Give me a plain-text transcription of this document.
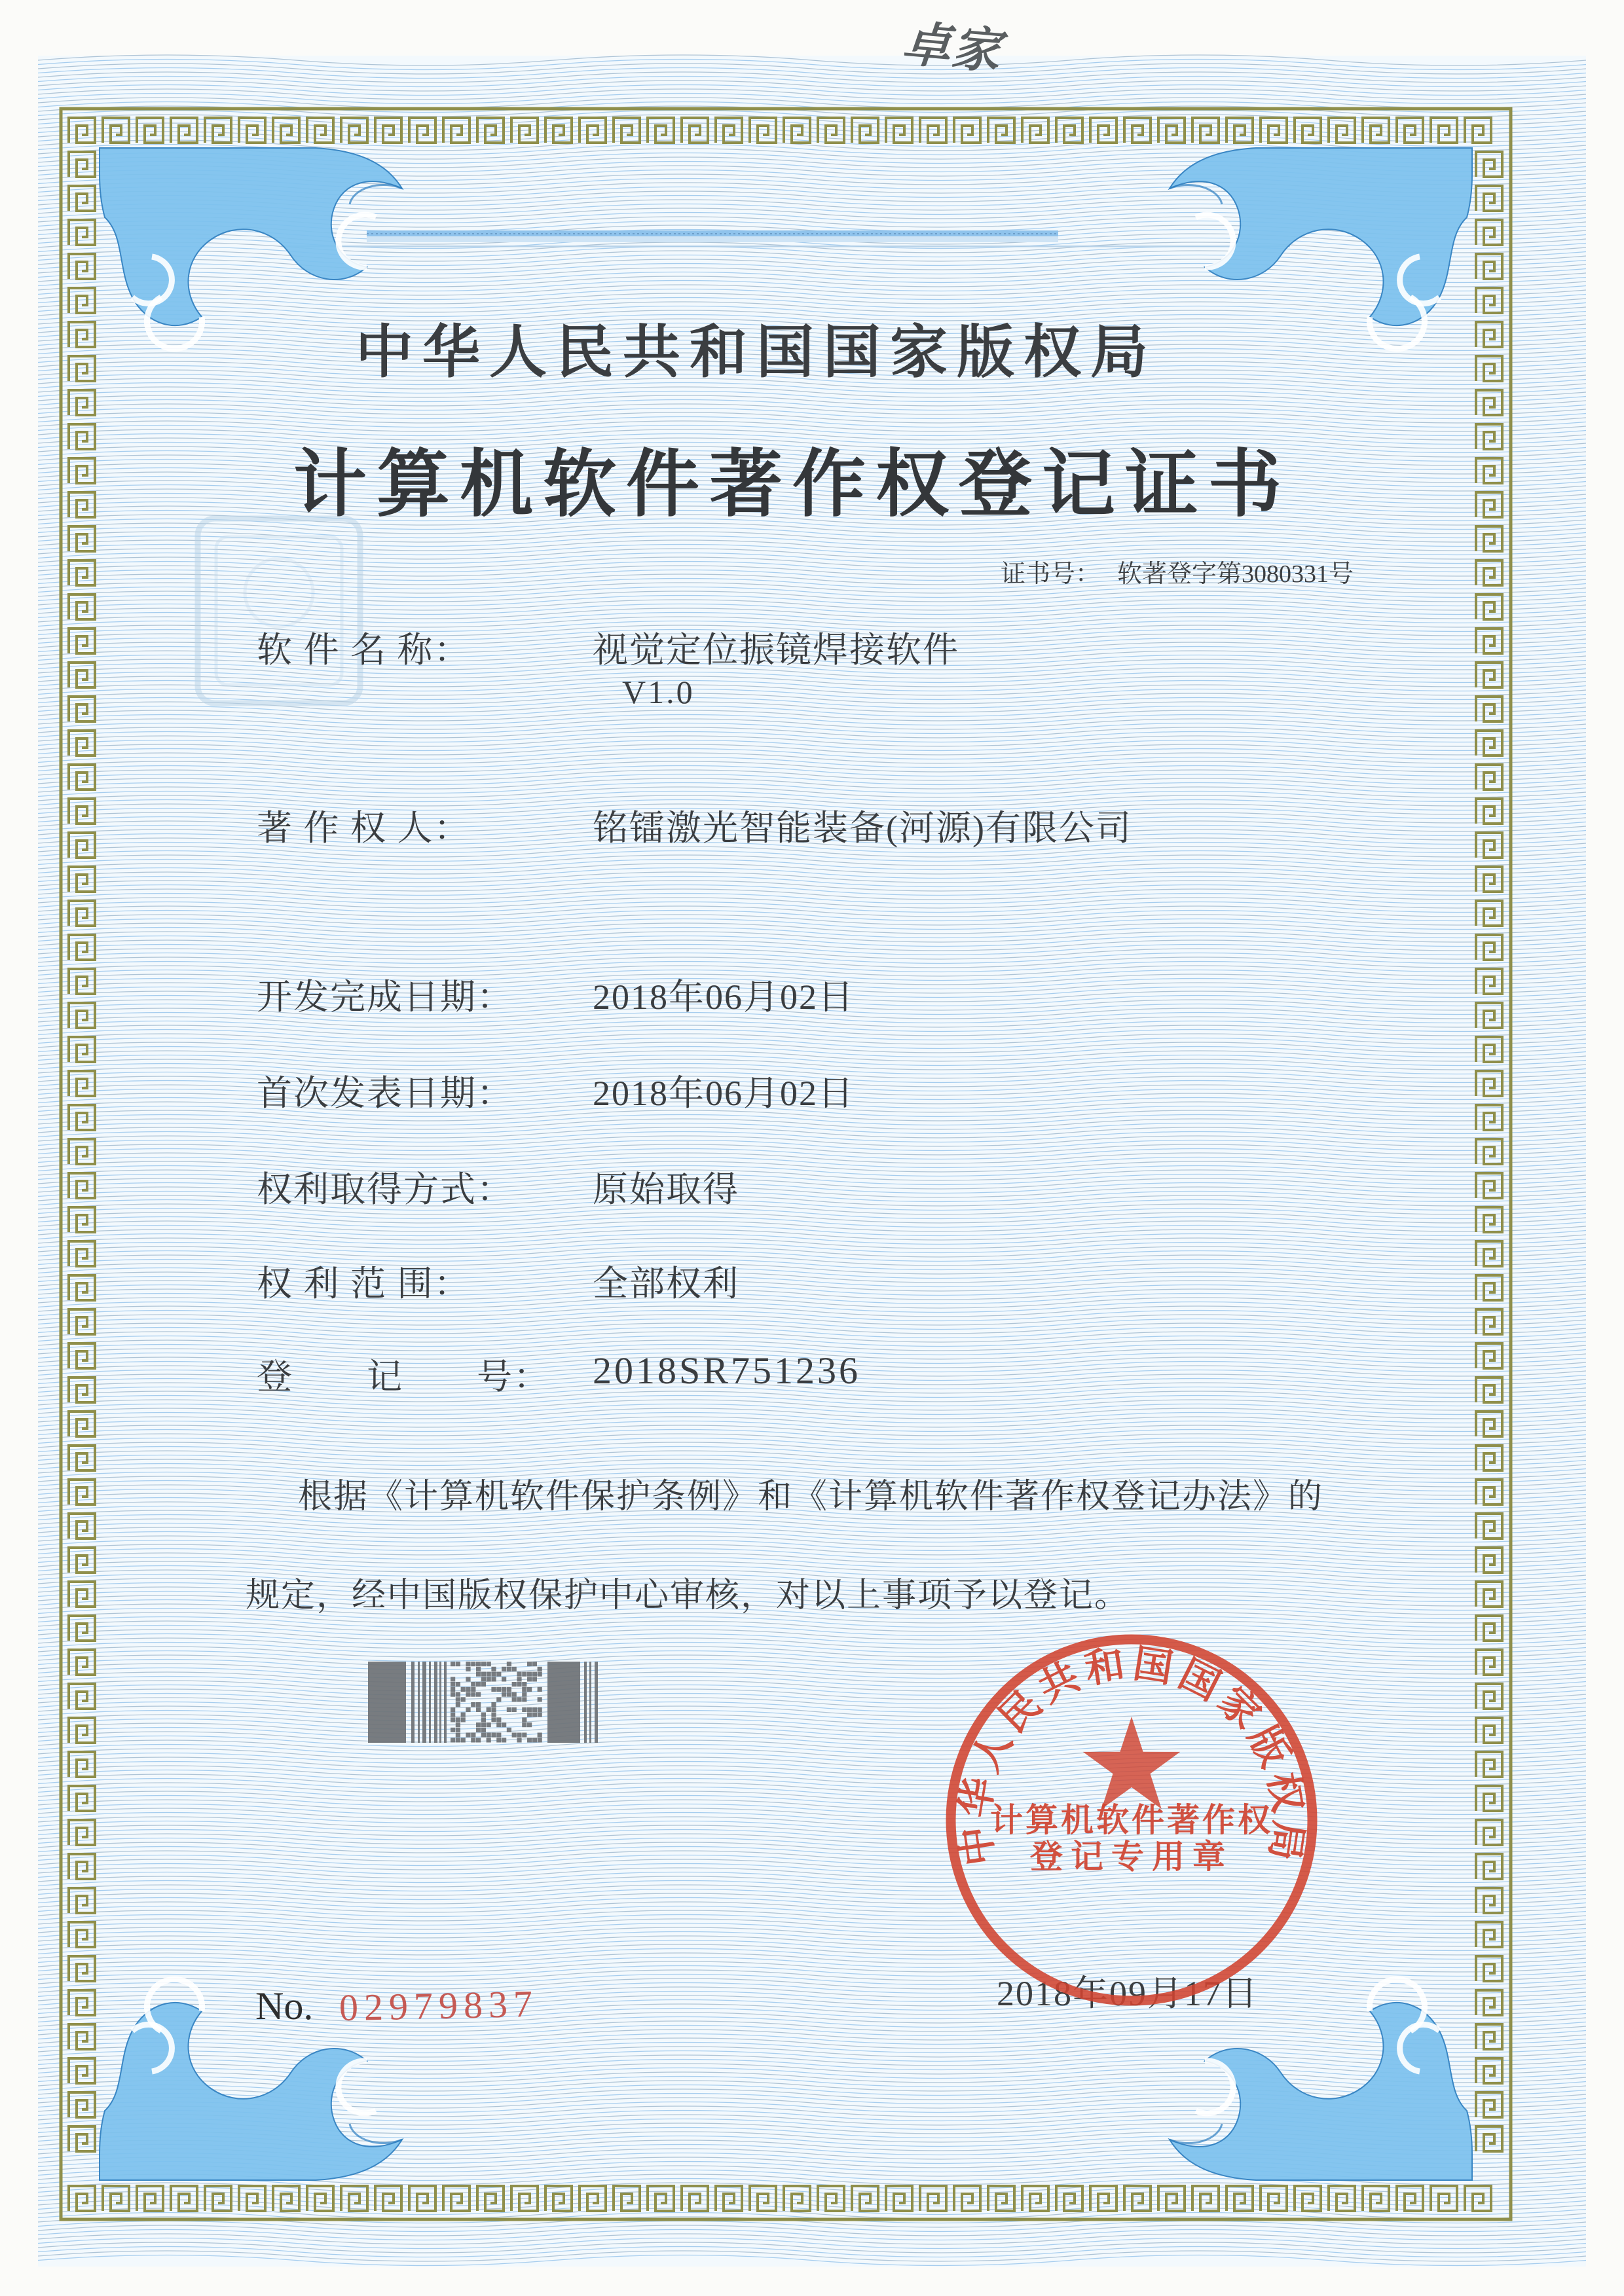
卓家
中华人民共和国国家版权局
计算机软件著作权登记证书
证书号： 软著登字第3080331号
软 件 名 称：	视觉定位振镜焊接软件
V1.0
著 作 权 人：	铭镭激光智能装备(河源)有限公司
开发完成日期： 2018年06月02日
首次发表日期： 2018年06月02日
权利取得方式： 原始取得
权 利 范 围：	全部权利
登　　记　　号： 2018SR751236
根据《计算机软件保护条例》和《计算机软件著作权登记办法》的
规定，经中国版权保护中心审核，对以上事项予以登记。
2018年09月17日
中华人民共和国国家版权局
计算机软件著作权
登记专用章
No. 02979837
